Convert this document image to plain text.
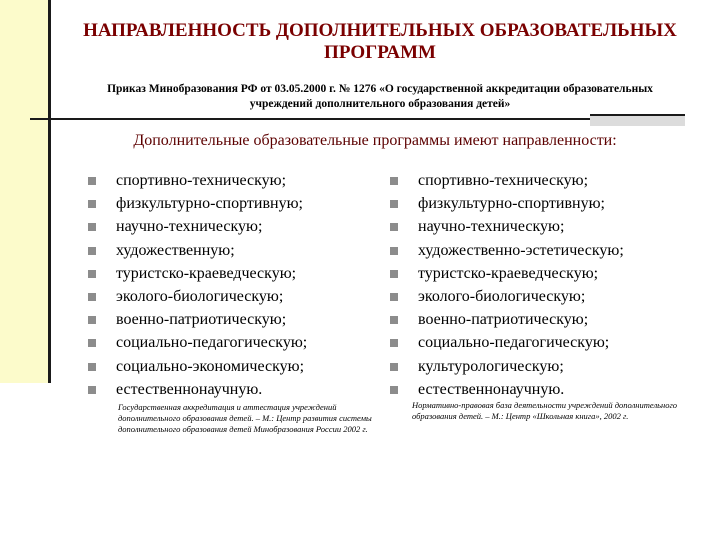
НАПРАВЛЕННОСТЬ ДОПОЛНИТЕЛЬНЫХ ОБРАЗОВАТЕЛЬНЫХ ПРОГРАММ
Приказ Минобразования РФ от 03.05.2000 г. № 1276 «О государственной аккредитации образовательных учреждений дополнительного образования детей»
Дополнительные образовательные программы имеют направленности:
спортивно-техническую;
физкультурно-спортивную;
научно-техническую;
художественную;
туристско-краеведческую;
эколого-биологическую;
военно-патриотическую;
социально-педагогическую;
социально-экономическую;
естественнонаучную.
спортивно-техническую;
физкультурно-спортивную;
научно-техническую;
художественно-эстетическую;
туристско-краеведческую;
эколого-биологическую;
военно-патриотическую;
социально-педагогическую;
культурологическую;
естественнонаучную.
Государственная аккредитация и аттестация учреждений дополнительного образования детей. – М.: Центр развития системы дополнительного образования детей Минобразования России 2002 г.
Нормативно-правовая база деятельности учреждений дополнительного образования детей. – М.: Центр «Школьная книга», 2002 г.
